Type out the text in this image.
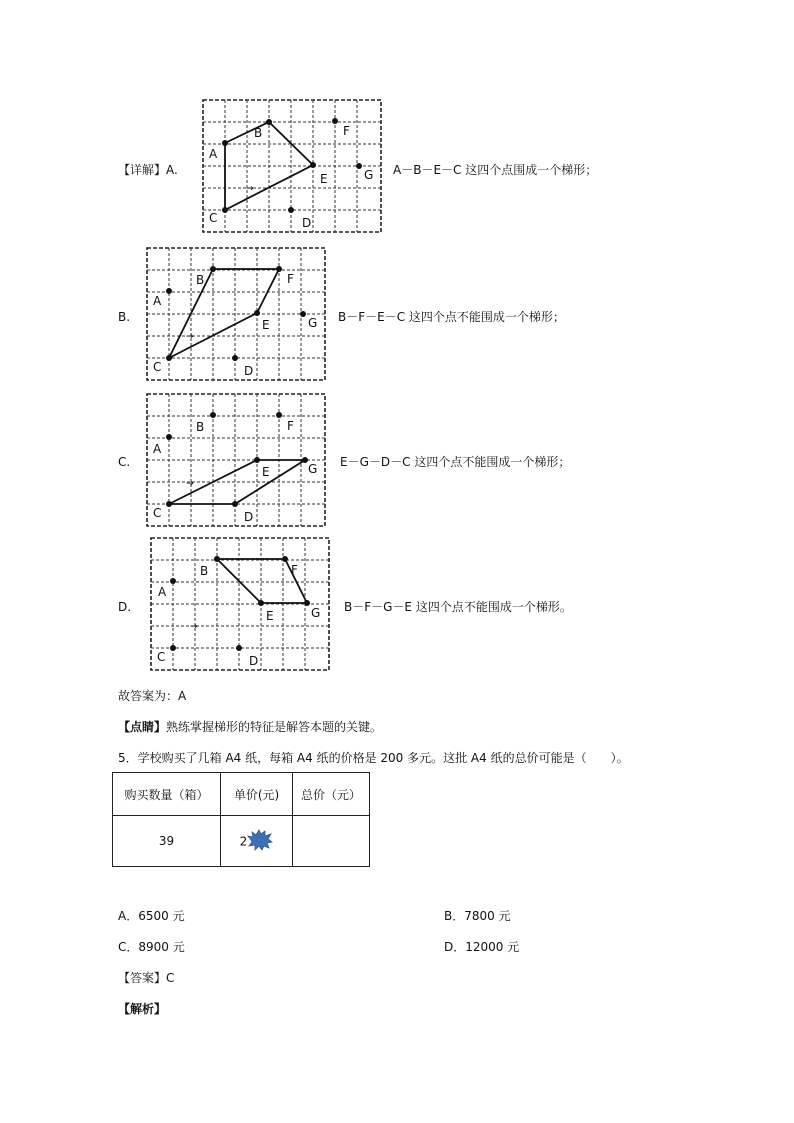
【详解】A.
→
A
B
C	D
E
F
G A－B－E－C 这四个点围成一个梯形；
B.
→
A
B
C	D
E
F
G B－F－E－C 这四个点不能围成一个梯形；
C.
→
A
B
C	D
E
F
G E－G－D－C 这四个点不能围成一个梯形；
D.
→
A
B
C	D
E
F
G B－F－G－E 这四个点不能围成一个梯形。
故答案为：A
【点睛】熟练掌握梯形的特征是解答本题的关键。
5．学校购买了几箱 A4 纸，每箱 A4 纸的价格是 200 多元。这批 A4 纸的总价可能是（　　）。
购买数量（箱）	单价(元)	总价（元）
39	2	
A．6500 元	B．7800 元
C．8900 元	D．12000 元
【答案】C
【解析】
